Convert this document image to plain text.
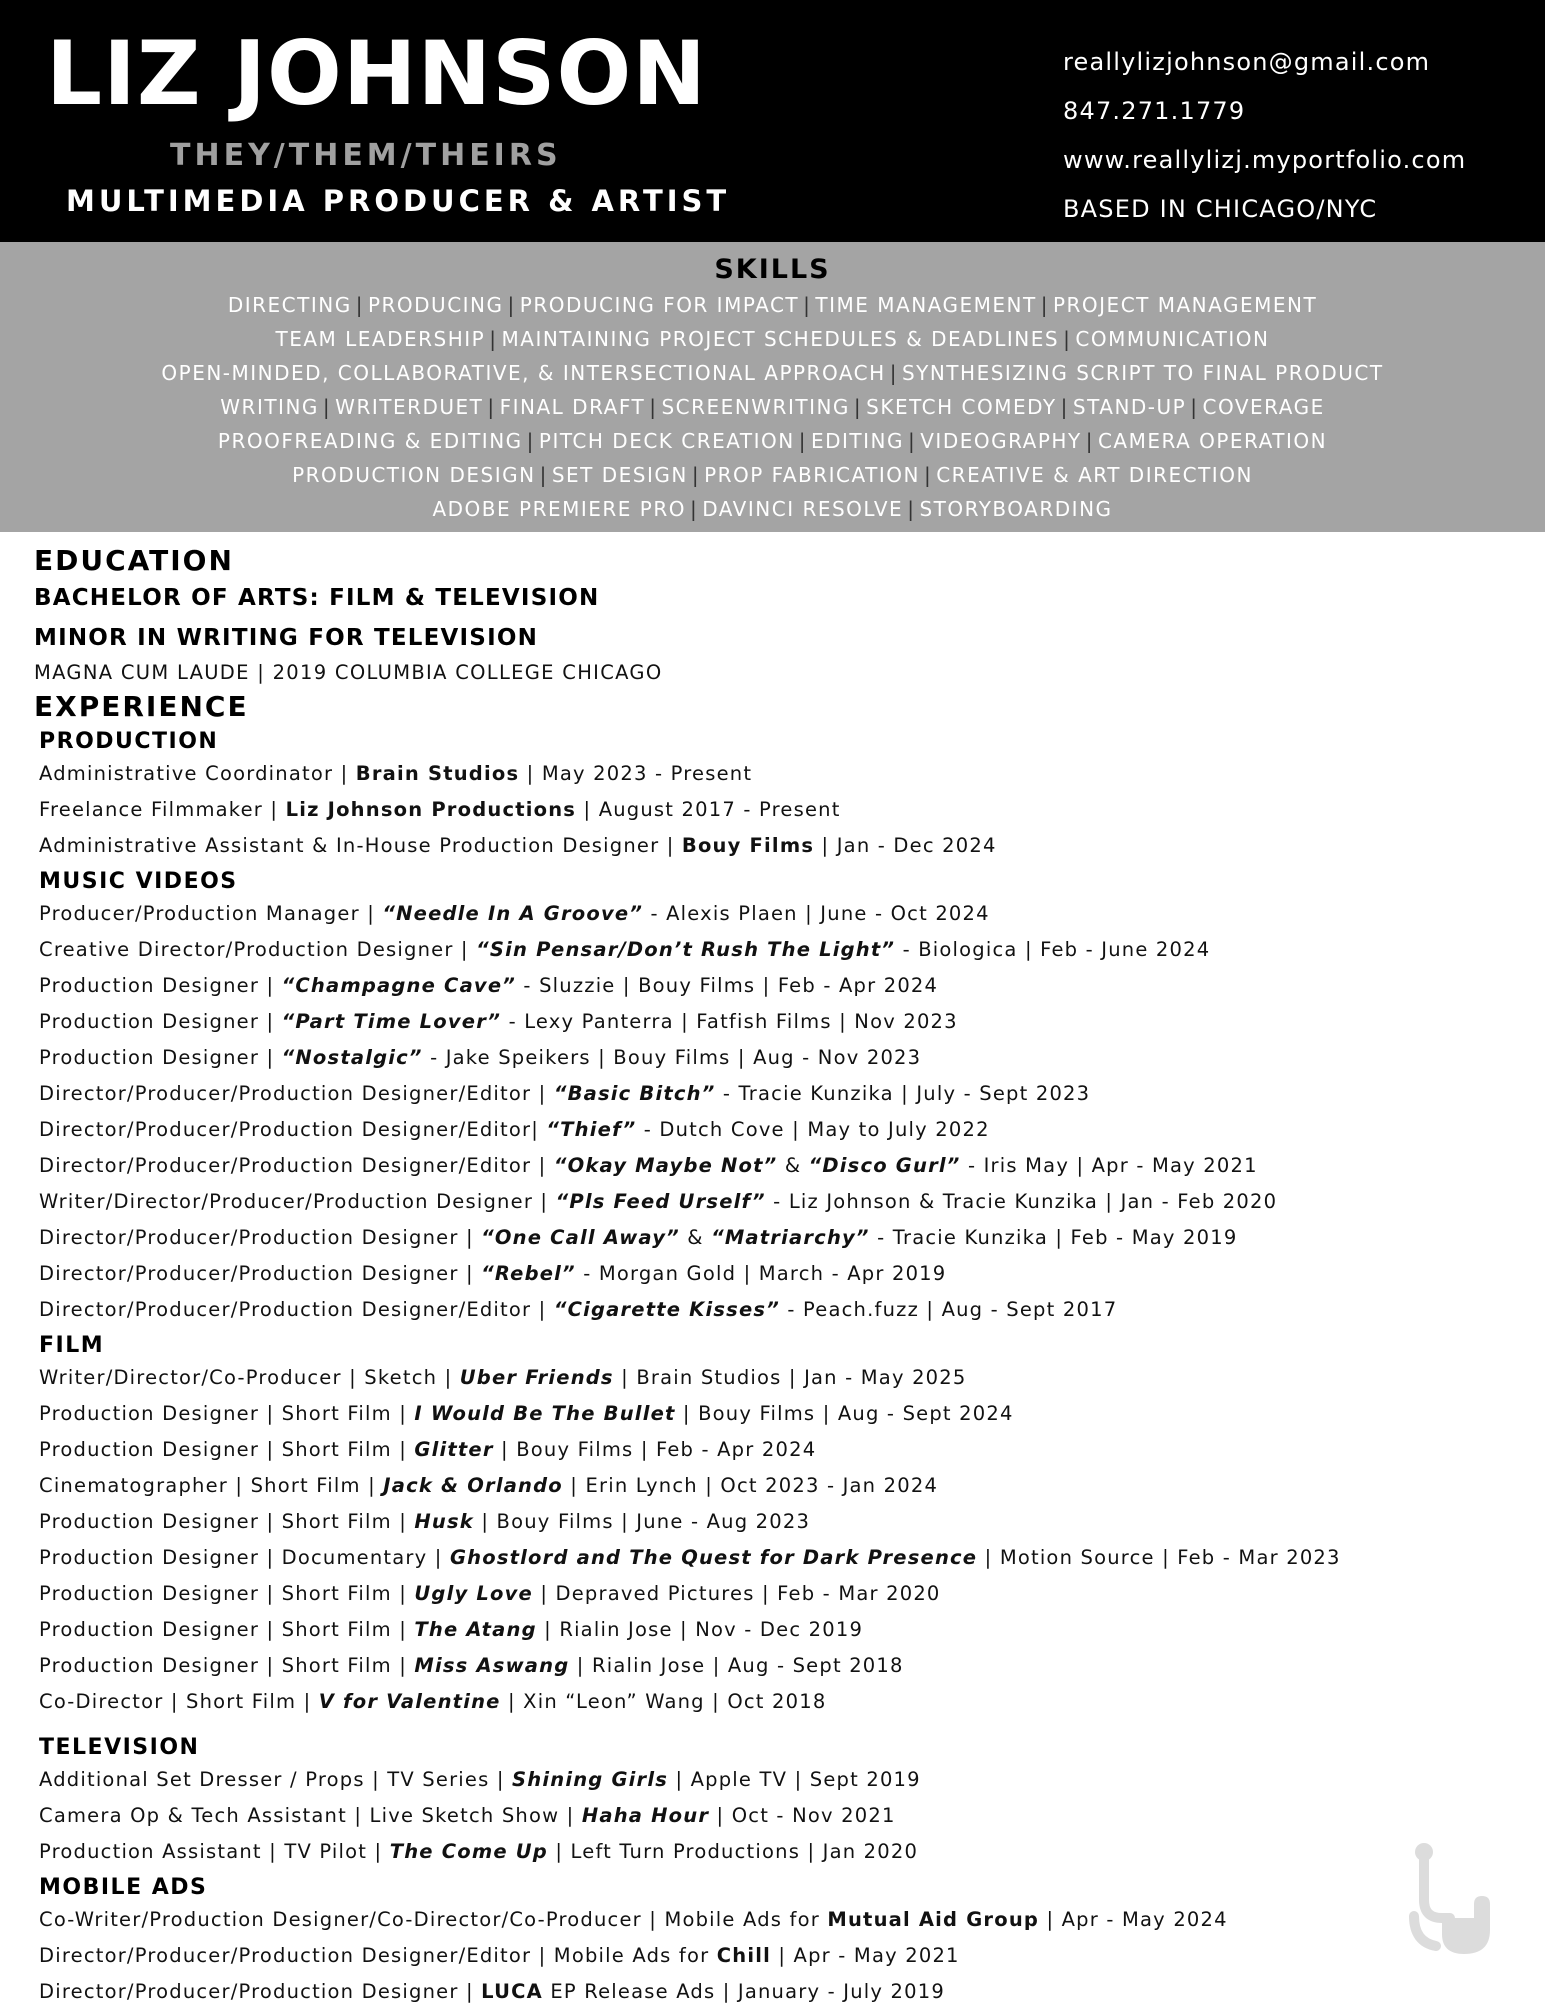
LIZ JOHNSON
THEY/THEM/THEIRS
MULTIMEDIA PRODUCER & ARTIST
reallylizjohnson@gmail.com
847.271.1779
www.reallylizj.myportfolio.com
BASED IN CHICAGO/NYC
SKILLS
DIRECTING | PRODUCING | PRODUCING FOR IMPACT | TIME MANAGEMENT | PROJECT MANAGEMENT
TEAM LEADERSHIP | MAINTAINING PROJECT SCHEDULES & DEADLINES | COMMUNICATION
OPEN-MINDED, COLLABORATIVE, & INTERSECTIONAL APPROACH | SYNTHESIZING SCRIPT TO FINAL PRODUCT
WRITING | WRITERDUET | FINAL DRAFT | SCREENWRITING | SKETCH COMEDY | STAND-UP | COVERAGE
PROOFREADING & EDITING | PITCH DECK CREATION | EDITING | VIDEOGRAPHY | CAMERA OPERATION
PRODUCTION DESIGN | SET DESIGN | PROP FABRICATION | CREATIVE & ART DIRECTION
ADOBE PREMIERE PRO | DAVINCI RESOLVE | STORYBOARDING
EDUCATION
BACHELOR OF ARTS: FILM & TELEVISION
MINOR IN WRITING FOR TELEVISION
MAGNA CUM LAUDE | 2019 COLUMBIA COLLEGE CHICAGO
EXPERIENCE
PRODUCTION
Administrative Coordinator | Brain Studios | May 2023 - Present
Freelance Filmmaker | Liz Johnson Productions | August 2017 - Present
Administrative Assistant & In-House Production Designer | Bouy Films | Jan - Dec 2024
MUSIC VIDEOS
Producer/Production Manager | “Needle In A Groove” - Alexis Plaen | June - Oct 2024
Creative Director/Production Designer | “Sin Pensar/Don’t Rush The Light” - Biologica | Feb - June 2024
Production Designer | “Champagne Cave” - Sluzzie | Bouy Films | Feb - Apr 2024
Production Designer | “Part Time Lover” - Lexy Panterra | Fatfish Films | Nov 2023
Production Designer | “Nostalgic” - Jake Speikers | Bouy Films | Aug - Nov 2023
Director/Producer/Production Designer/Editor | “Basic Bitch” - Tracie Kunzika | July - Sept 2023
Director/Producer/Production Designer/Editor| “Thief” - Dutch Cove | May to July 2022
Director/Producer/Production Designer/Editor | “Okay Maybe Not” & “Disco Gurl” - Iris May | Apr - May 2021
Writer/Director/Producer/Production Designer | “Pls Feed Urself” - Liz Johnson & Tracie Kunzika | Jan - Feb 2020
Director/Producer/Production Designer | “One Call Away” & “Matriarchy” - Tracie Kunzika | Feb - May 2019
Director/Producer/Production Designer | “Rebel” - Morgan Gold | March - Apr 2019
Director/Producer/Production Designer/Editor | “Cigarette Kisses” - Peach.fuzz | Aug - Sept 2017
FILM
Writer/Director/Co-Producer | Sketch | Uber Friends | Brain Studios | Jan - May 2025
Production Designer | Short Film | I Would Be The Bullet | Bouy Films | Aug - Sept 2024
Production Designer | Short Film | Glitter | Bouy Films | Feb - Apr 2024
Cinematographer | Short Film | Jack & Orlando | Erin Lynch | Oct 2023 - Jan 2024
Production Designer | Short Film | Husk | Bouy Films | June - Aug 2023
Production Designer | Documentary | Ghostlord and The Quest for Dark Presence | Motion Source | Feb - Mar 2023
Production Designer | Short Film | Ugly Love | Depraved Pictures | Feb - Mar 2020
Production Designer | Short Film | The Atang | Rialin Jose | Nov - Dec 2019
Production Designer | Short Film | Miss Aswang | Rialin Jose | Aug - Sept 2018
Co-Director | Short Film | V for Valentine | Xin “Leon” Wang | Oct 2018
TELEVISION
Additional Set Dresser / Props | TV Series | Shining Girls | Apple TV | Sept 2019
Camera Op & Tech Assistant | Live Sketch Show | Haha Hour | Oct - Nov 2021
Production Assistant | TV Pilot | The Come Up | Left Turn Productions | Jan 2020
MOBILE ADS
Co-Writer/Production Designer/Co-Director/Co-Producer | Mobile Ads for Mutual Aid Group | Apr - May 2024
Director/Producer/Production Designer/Editor | Mobile Ads for Chill | Apr - May 2021
Director/Producer/Production Designer | LUCA EP Release Ads | January - July 2019
